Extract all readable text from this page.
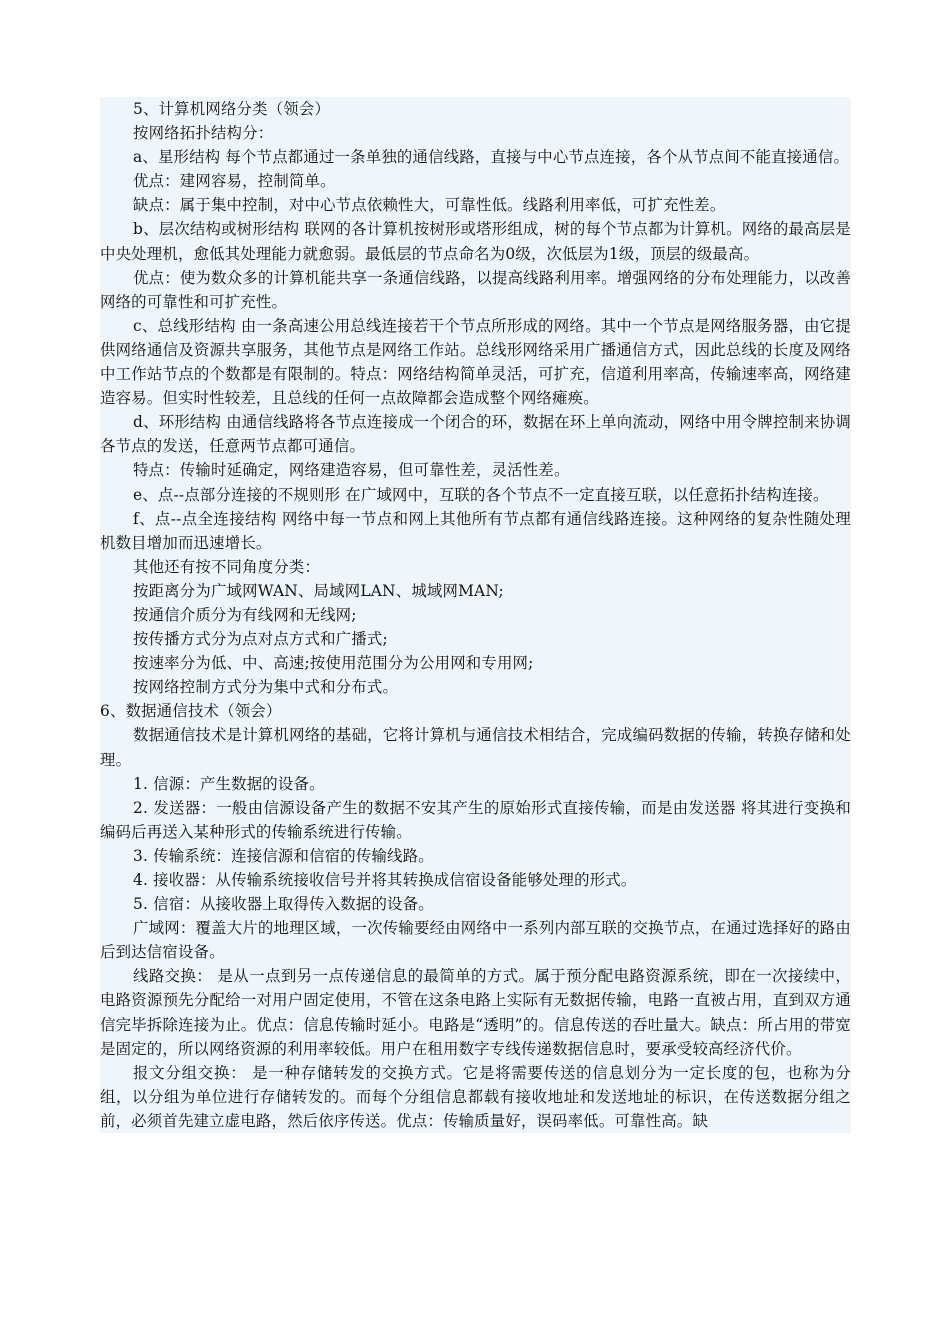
5、计算机网络分类（领会）

按网络拓扑结构分：

a、星形结构 每个节点都通过一条单独的通信线路，直接与中心节点连接，各个从节点间不能直接通信。

优点：建网容易，控制简单。

缺点：属于集中控制，对中心节点依赖性大，可靠性低。线路利用率低，可扩充性差。

b、层次结构或树形结构 联网的各计算机按树形或塔形组成，树的每个节点都为计算机。网络的最高层是中央处理机，愈低其处理能力就愈弱。最低层的节点命名为0级，次低层为1级，顶层的级最高。

优点：使为数众多的计算机能共享一条通信线路，以提高线路利用率。增强网络的分布处理能力，以改善网络的可靠性和可扩充性。

c、总线形结构 由一条高速公用总线连接若干个节点所形成的网络。其中一个节点是网络服务器，由它提供网络通信及资源共享服务，其他节点是网络工作站。总线形网络采用广播通信方式，因此总线的长度及网络中工作站节点的个数都是有限制的。特点：网络结构简单灵活，可扩充，信道利用率高，传输速率高，网络建造容易。但实时性较差，且总线的任何一点故障都会造成整个网络瘫痪。

d、环形结构 由通信线路将各节点连接成一个闭合的环，数据在环上单向流动，网络中用令牌控制来协调各节点的发送，任意两节点都可通信。

特点：传输时延确定，网络建造容易，但可靠性差，灵活性差。

e、点--点部分连接的不规则形 在广域网中，互联的各个节点不一定直接互联，以任意拓扑结构连接。

f、点--点全连接结构 网络中每一节点和网上其他所有节点都有通信线路连接。这种网络的复杂性随处理机数目增加而迅速增长。

其他还有按不同角度分类：

按距离分为广域网WAN、局域网LAN、城域网MAN;

按通信介质分为有线网和无线网;

按传播方式分为点对点方式和广播式;

按速率分为低、中、高速;按使用范围分为公用网和专用网;

按网络控制方式分为集中式和分布式。

6、数据通信技术（领会）

数据通信技术是计算机网络的基础，它将计算机与通信技术相结合，完成编码数据的传输，转换存储和处理。

1. 信源：产生数据的设备。

2. 发送器：一般由信源设备产生的数据不安其产生的原始形式直接传输，而是由发送器 将其进行变换和编码后再送入某种形式的传输系统进行传输。

3. 传输系统：连接信源和信宿的传输线路。

4. 接收器：从传输系统接收信号并将其转换成信宿设备能够处理的形式。

5. 信宿：从接收器上取得传入数据的设备。

广域网：覆盖大片的地理区域，一次传输要经由网络中一系列内部互联的交换节点，在通过选择好的路由后到达信宿设备。

线路交换： 是从一点到另一点传递信息的最简单的方式。属于预分配电路资源系统，即在一次接续中，电路资源预先分配给一对用户固定使用，不管在这条电路上实际有无数据传输，电路一直被占用，直到双方通信完毕拆除连接为止。优点：信息传输时延小。电路是“透明”的。信息传送的吞吐量大。缺点：所占用的带宽是固定的，所以网络资源的利用率较低。用户在租用数字专线传递数据信息时，要承受较高经济代价。

报文分组交换： 是一种存储转发的交换方式。它是将需要传送的信息划分为一定长度的包，也称为分组，以分组为单位进行存储转发的。而每个分组信息都载有接收地址和发送地址的标识，在传送数据分组之前，必须首先建立虚电路，然后依序传送。优点：传输质量好，误码率低。可靠性高。缺
